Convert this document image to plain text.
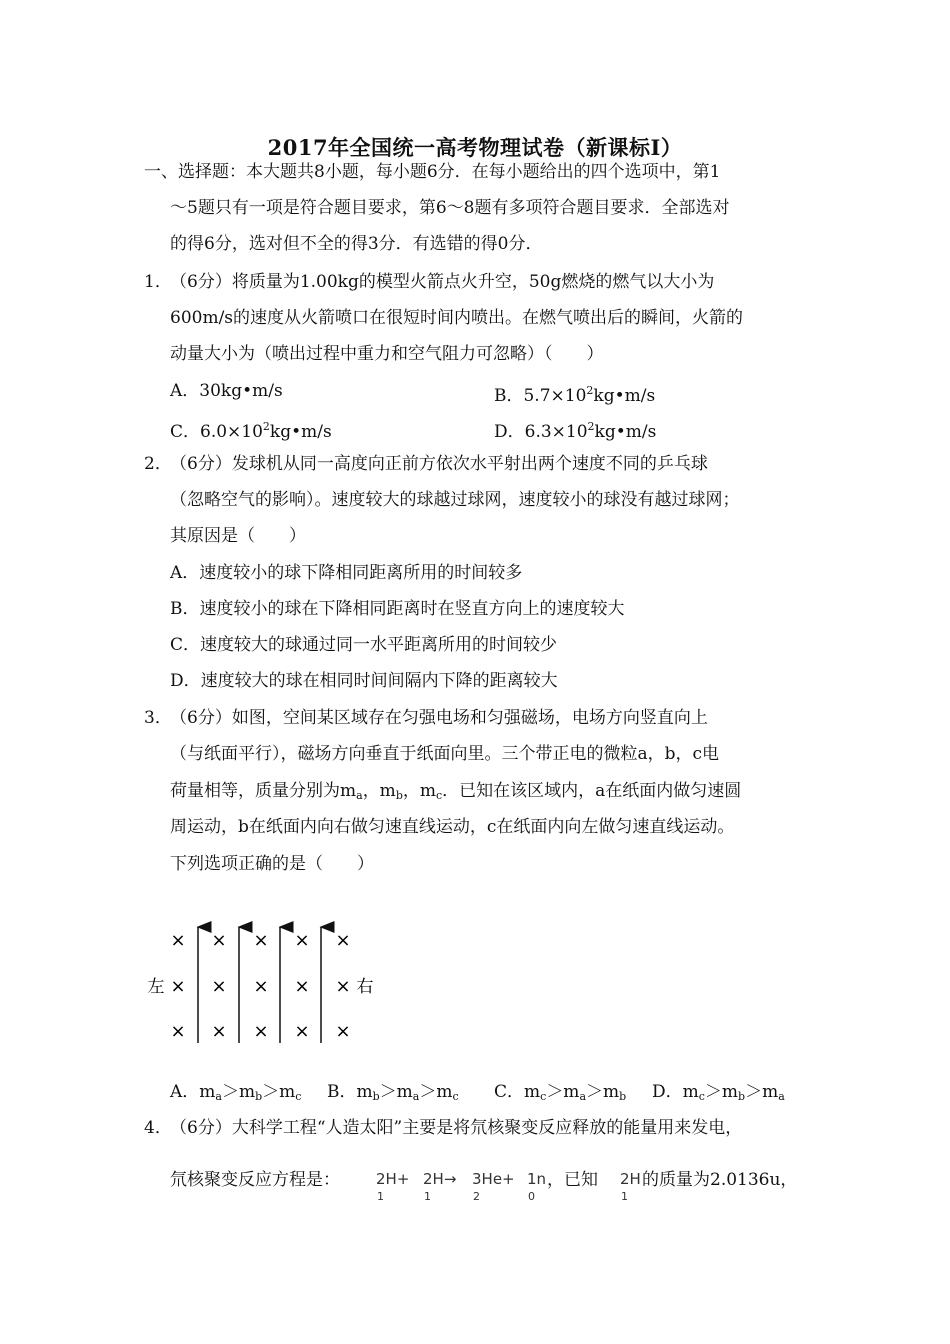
2017年全国统一高考物理试卷（新课标Ⅰ）
一、选择题：本大题共8小题，每小题6分．在每小题给出的四个选项中，第1
～5题只有一项是符合题目要求，第6～8题有多项符合题目要求．全部选对
的得6分，选对但不全的得3分．有选错的得0分．
1．
（6分）将质量为1.00kg的模型火箭点火升空，50g燃烧的燃气以大小为
600m/s的速度从火箭喷口在很短时间内喷出。在燃气喷出后的瞬间，火箭的
动量大小为（喷出过程中重力和空气阻力可忽略）（　　）
A．30kg•m/s	B．$5.7\times 10^2kg•m/s$
C．$6.0\times 10^2kg•m/s$	D．$6.3\times 10^2kg•m/s$
2．
（6分）发球机从同一高度向正前方依次水平射出两个速度不同的乒乓球
（忽略空气的影响）。速度较大的球越过球网，速度较小的球没有越过球网；
其原因是（　　）
A．速度较小的球下降相同距离所用的时间较多
B．速度较小的球在下降相同距离时在竖直方向上的速度较大
C．速度较大的球通过同一水平距离所用的时间较少
D．速度较大的球在相同时间间隔内下降的距离较大
3．
（6分）如图，空间某区域存在匀强电场和匀强磁场，电场方向竖直向上
（与纸面平行），磁场方向垂直于纸面向里。三个带正电的微粒a，b，c电
荷量相等，质量分别为$m_a$，$m_b$，$m_c$．已知在该区域内，a在纸面内做匀速圆
周运动，b在纸面内向右做匀速直线运动，c在纸面内向左做匀速直线运动。
下列选项正确的是（　　）
× × × × ×
左 × × × × × 右
× × × × ×
A．$m_a>m_b>m_c$ B．$m_b>m_a>m_c$ C．$m_c>m_a>m_b$ D．$m_c>m_b>m_a$
4．
（6分）大科学工程“人造太阳”主要是将氘核聚变反应释放的能量用来发电，
氘核聚变反应方程是： 2H+
1
2H→
1
3He+
2
1n
0
，已知 2H
1
的质量为2.0136u，
